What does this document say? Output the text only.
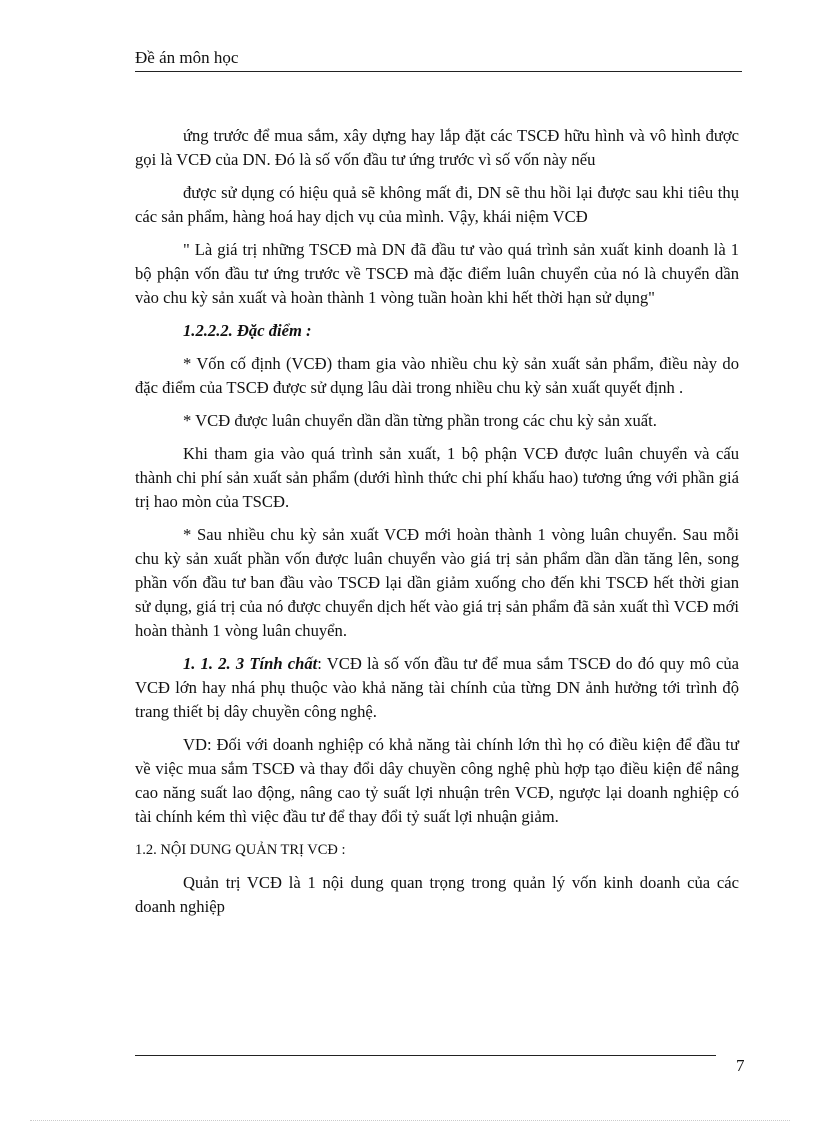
Đề án môn học

ứng trước để mua sắm, xây dựng hay lắp đặt các TSCĐ hữu hình và vô hình được gọi là VCĐ của DN. Đó là số vốn đầu tư ứng trước vì số vốn này nếu

được sử dụng có hiệu quả sẽ không mất đi, DN sẽ thu hồi lại được sau khi tiêu thụ các sản phẩm, hàng hoá hay dịch vụ của mình. Vậy, khái niệm VCĐ

" Là giá trị những TSCĐ mà DN đã đầu tư vào quá trình sản xuất kinh doanh là 1 bộ phận vốn đầu tư ứng trước về TSCĐ mà đặc điểm luân chuyển của nó là chuyển dần vào chu kỳ sản xuất và hoàn thành 1 vòng tuần hoàn khi hết thời hạn sử dụng"

1.2.2.2. Đặc điểm :

* Vốn cố định (VCĐ) tham gia vào nhiều chu kỳ sản xuất sản phẩm, điều này do đặc điểm của TSCĐ được sử dụng lâu dài trong nhiều chu kỳ sản xuất quyết định .

* VCĐ được luân chuyển dần dần từng phần trong các chu kỳ sản xuất.

Khi tham gia vào quá trình sản xuất, 1 bộ phận VCĐ được luân chuyển và cấu thành chi phí sản xuất sản phẩm (dưới hình thức chi phí khấu hao) tương ứng với phần giá trị hao mòn của TSCĐ.

* Sau nhiều chu kỳ sản xuất VCĐ mới hoàn thành 1 vòng luân chuyển. Sau mỗi chu kỳ sản xuất phần vốn được luân chuyển vào giá trị sản phẩm dần dần tăng lên, song phần vốn đầu tư ban đầu vào TSCĐ lại dần giảm xuống cho đến khi TSCĐ hết thời gian sử dụng, giá trị của nó được chuyển dịch hết vào giá trị sản phẩm đã sản xuất thì VCĐ mới hoàn thành 1 vòng luân chuyển.

1. 1. 2. 3 Tính chất: VCĐ là số vốn đầu tư để mua sắm TSCĐ do đó quy mô của VCĐ lớn hay nhá phụ thuộc vào khả năng tài chính của từng DN ảnh hưởng tới trình độ trang thiết bị dây chuyền công nghệ.

VD: Đối với doanh nghiệp có khả năng tài chính lớn thì họ có điều kiện để đầu tư về việc mua sắm TSCĐ và thay đổi dây chuyền công nghệ phù hợp tạo điều kiện để nâng cao năng suất lao động, nâng cao tỷ suất lợi nhuận trên VCĐ, ngược lại doanh nghiệp có tài chính kém thì việc đầu tư để thay đổi tỷ suất lợi nhuận giảm.

1.2. NỘI DUNG QUẢN TRỊ VCĐ :

Quản trị VCĐ là 1 nội dung quan trọng trong quản lý vốn kinh doanh của các doanh nghiệp

7
